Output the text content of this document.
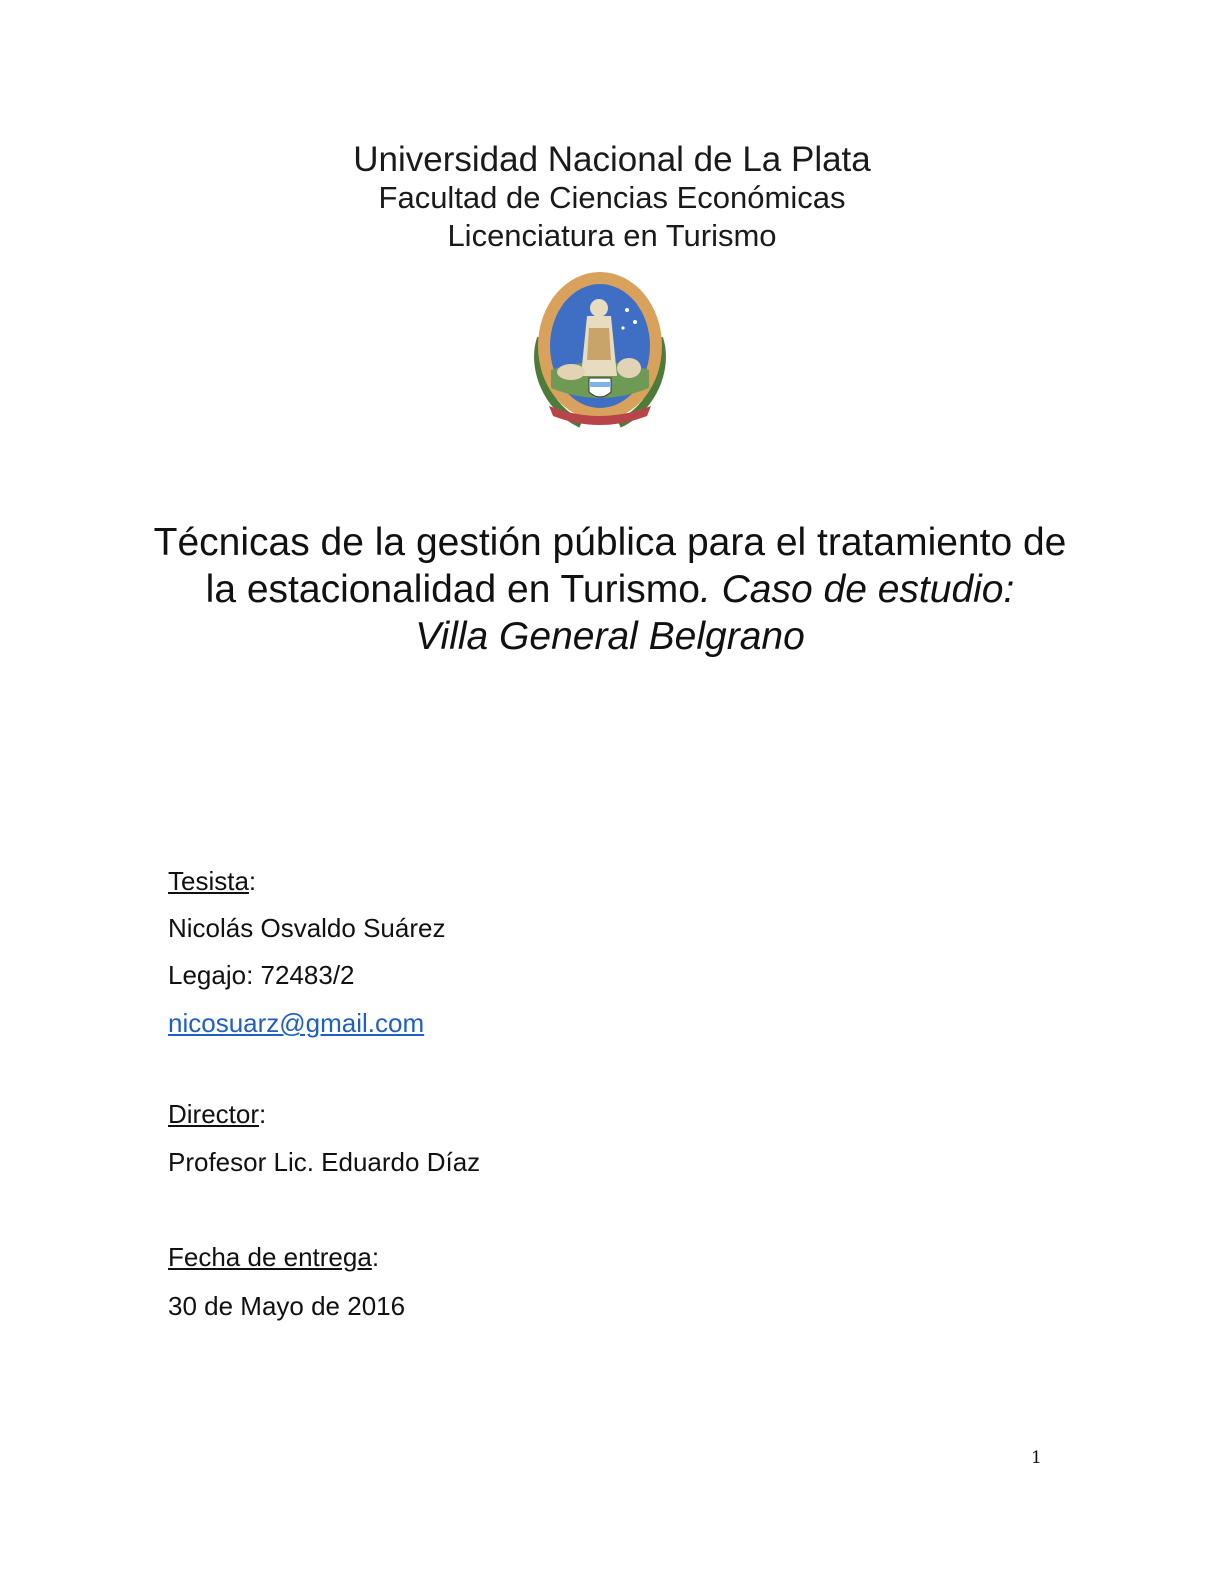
Universidad Nacional de La Plata
Facultad de Ciencias Económicas
Licenciatura en Turismo
Técnicas de la gestión pública para el tratamiento de la estacionalidad en Turismo. Caso de estudio:
Villa General Belgrano
Tesista:
Nicolás Osvaldo Suárez
Legajo: 72483/2
nicosuarz@gmail.com
Director:
Profesor Lic. Eduardo Díaz
Fecha de entrega:
30 de Mayo de 2016
1
